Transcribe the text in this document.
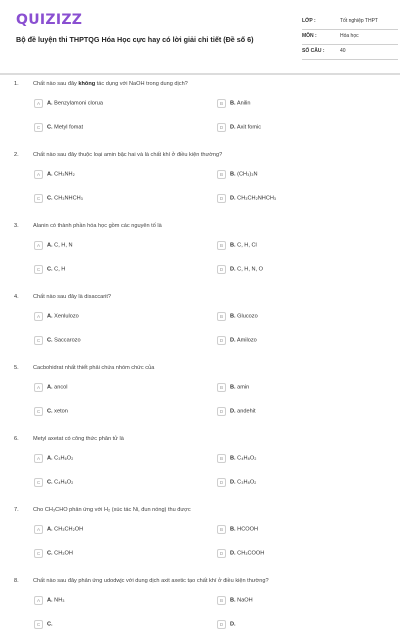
QUIZIZZ
Bộ đề luyện thi THPTQG Hóa Học cực hay có lời giải chi tiết (Đề số 6)
LỚP :	Tốt nghiệp THPT
MÔN :	Hóa học
SỐ CÂU :	40
1.	Chất nào sau đây không tác dụng với NaOH trong dung dịch?
A A. Benzylamoni clorua	B B. Anilin
C C. Metyl fomat	D D. Axit fomic
2.	Chất nào sau đây thuộc loại amin bậc hai và là chất khí ở điều kiện thường?
A A. CH₃NH₂	B B. (CH₃)₃N
C C. CH₃NHCH₃	D D. CH₃CH₂NHCH₃
3.	Alanin có thành phần hóa học gồm các nguyên tố là
A A. C, H, N	B B. C, H, Cl
C C. C, H	D D. C, H, N, O
4.	Chất nào sau đây là disaccarit?
A A. Xenlulozo	B B. Glucozo
C C. Saccarozo	D D. Amilozo
5.	Cacbohidrat nhất thiết phải chứa nhóm chức của
A A. ancol	B B. amin
C C. xeton	D D. andehit
6.	Metyl axetat có công thức phân tử là
A A. C₃H₆O₂	B B. C₄H₈O₂
C C. C₄H₆O₂	D D. C₃H₈O₂
7.	Cho CH₃CHO phản ứng với H₂ (xúc tác Ni, đun nóng) thu được
A A. CH₃CH₂OH	B B. HCOOH
C C. CH₃OH	D D. CH₃COOH
8.	Chất nào sau đây phản ứng udodwjc với dung dịch axit axetic tạo chất khí ở điều kiện thường?
A A. NH₃	B B. NaOH
C C.	D D.
